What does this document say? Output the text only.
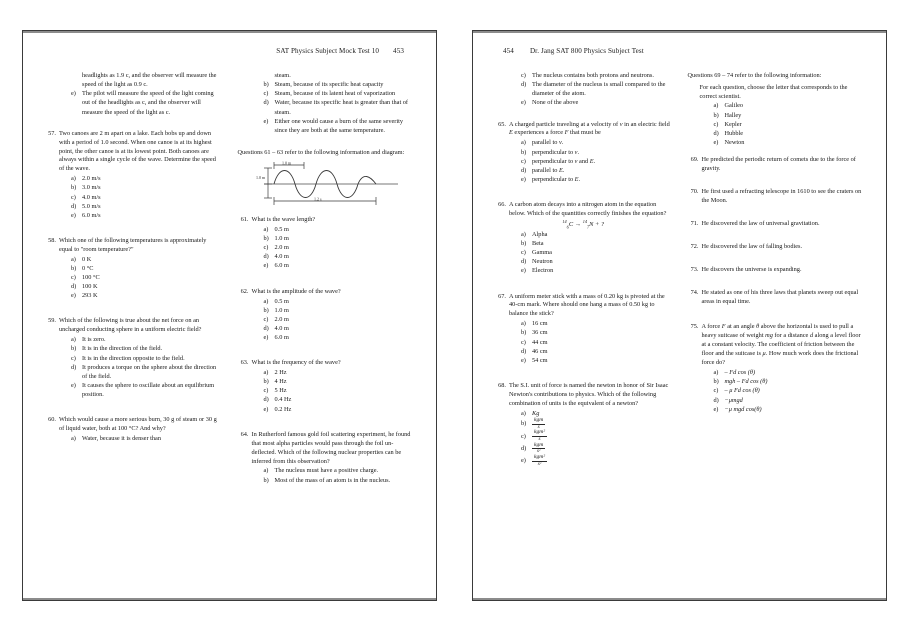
SAT Physics Subject Mock Test 10 453
headlights as 1.9 c, and the observer will measure the speed of the light as 0.9 c.
e) The pilot will measure the speed of the light coming out of the headlights as c, and the observer will measure the speed of the light as c.
57. Two canoes are 2 m apart on a lake. Each bobs up and down with a period of 1.0 second. When one canoe is at its highest point, the other canoe is at its lowest point. Both canoes are always within a single cycle of the wave. Determine the speed of the wave.
a) 2.0 m/s
b) 3.0 m/s
c) 4.0 m/s
d) 5.0 m/s
e) 6.0 m/s
58. Which one of the following temperatures is approximately equal to "room temperature?"
a) 0 K
b) 0 °C
c) 100 °C
d) 100 K
e) 293 K
59. Which of the following is true about the net force on an uncharged conducting sphere in a uniform electric field?
a) It is zero.
b) It is in the direction of the field.
c) It is in the direction opposite to the field.
d) It produces a torque on the sphere about the direction of the field.
e) It causes the sphere to oscillate about an equilibrium position.
60. Which would cause a more serious burn, 30 g of steam or 30 g of liquid water, both at 100 °C? And why?
a) Water, because it is denser than
steam.
b) Steam, because of its specific heat capacity
c) Steam, because of its latent heat of vaporization
d) Water, because its specific heat is greater than that of steam.
e) Either one would cause a burn of the same severity since they are both at the same temperature.
Questions 61 – 63 refer to the following information and diagram:
1.0 m
1.0 m
1.2 s
61. What is the wave length?
a) 0.5 m
b) 1.0 m
c) 2.0 m
d) 4.0 m
e) 6.0 m
62. What is the amplitude of the wave?
a) 0.5 m
b) 1.0 m
c) 2.0 m
d) 4.0 m
e) 6.0 m
63. What is the frequency of the wave?
a) 2 Hz
b) 4 Hz
c) 5 Hz
d) 0.4 Hz
e) 0.2 Hz
64. In Rutherford famous gold foil scattering experiment, he found that most alpha particles would pass through the foil un-deflected. Which of the following nuclear properties can be inferred from this observation?
a) The nucleus must have a positive charge.
b) Most of the mass of an atom is in the nucleus.
454 Dr. Jang SAT 800 Physics Subject Test
c) The nucleus contains both protons and neutrons.
d) The diameter of the nucleus is small compared to the diameter of the atom.
e) None of the above
65. A charged particle traveling at a velocity of v in an electric field E experiences a force F that must be
a) parallel to v.
b) perpendicular to v.
c) perpendicular to v and E.
d) parallel to E.
e) perpendicular to E.
66. A carbon atom decays into a nitrogen atom in the equation below. Which of the quantities correctly finishes the equation?
$^{14}_6$C → $^{14}_7$N + ?
a) Alpha
b) Beta
c) Gamma
d) Neutron
e) Electron
67. A uniform meter stick with a mass of 0.20 kg is pivoted at the 40-cm mark. Where should one hang a mass of 0.50 kg to balance the stick?
a) 16 cm
b) 36 cm
c) 44 cm
d) 46 cm
e) 54 cm
68. The S.I. unit of force is named the newton in honor of Sir Isaac Newton's contributions to physics. Which of the following combination of units is the equivalent of a newton?
a) Kg
b)	$\frac{\text{kgm}}{s}$
c)	$\frac{\text{kgm²}}{s}$
d)	$\frac{\text{kgm}}{\text{s²}}$
e)	$\frac{\text{kgm²}}{\text{s²}}$
Questions 69 – 74 refer to the following information:
For each question, choose the letter that corresponds to the correct scientist.
a) Galileo
b) Halley
c) Kepler
d) Hubble
e) Newton
69. He predicted the periodic return of comets due to the force of gravity.
70. He first used a refracting telescope in 1610 to see the craters on the Moon.
71. He discovered the law of universal gravitation.
72. He discovered the law of falling bodies.
73. He discovers the universe is expanding.
74. He stated as one of his three laws that planets sweep out equal areas in equal time.
75. A force F at an angle θ above the horizontal is used to pull a heavy suitcase of weight mg for a distance d along a level floor at a constant velocity. The coefficient of friction between the floor and the suitcase is μ. How much work does the frictional force do?
a) – Fd cos (θ)
b) mgh – Fd cos (θ)
c) – μ Fd cos (θ)
d) −μmgd
e) −μ mgd cos(θ)
